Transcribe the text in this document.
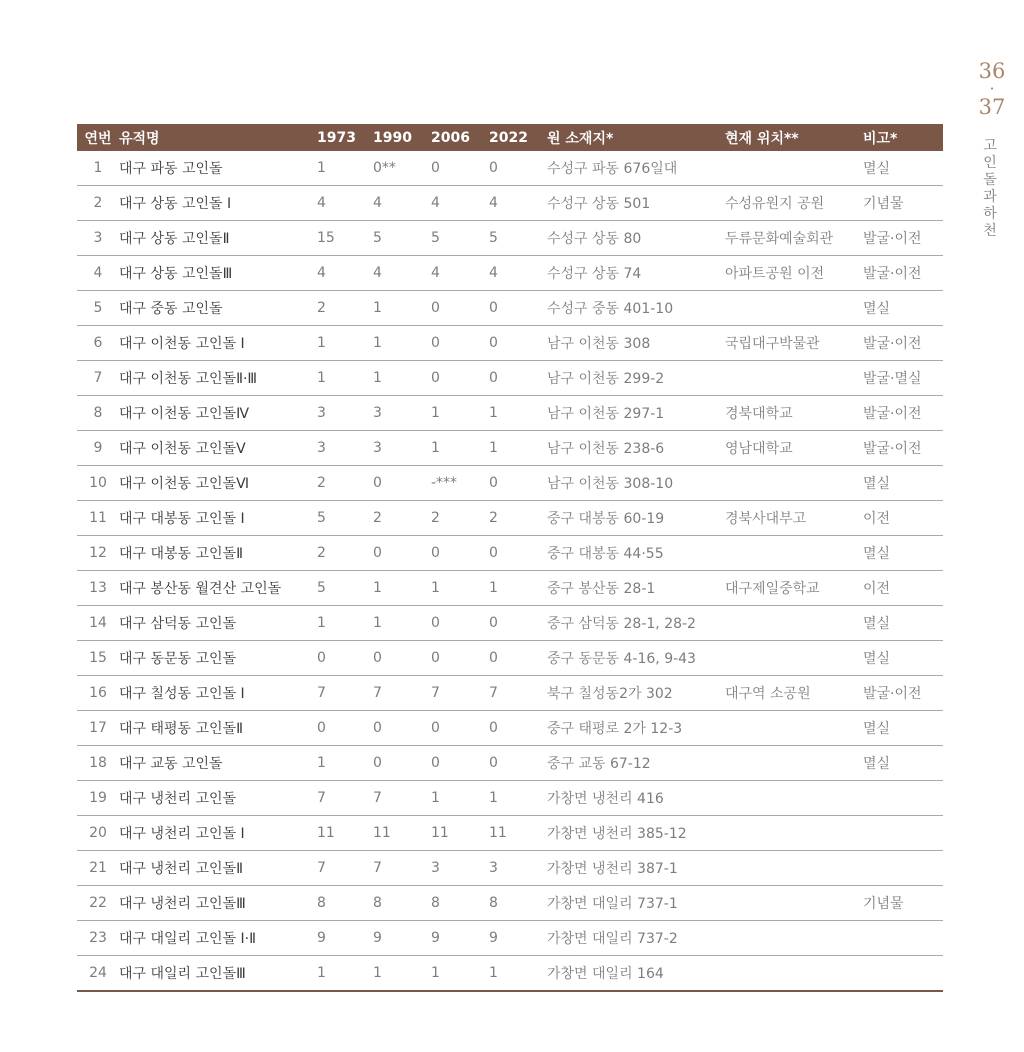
36
·
37
고
인
돌
과
하
천
연번	유적명	1973	1990	2006	2022	원 소재지*	현재 위치**	비고*
1	대구 파동 고인돌	1	0**	0	0	수성구 파동 676일대		멸실
2	대구 상동 고인돌 Ⅰ	4	4	4	4	수성구 상동 501	수성유원지 공원	기념물
3	대구 상동 고인돌Ⅱ	15	5	5	5	수성구 상동 80	두류문화예술회관	발굴·이전
4	대구 상동 고인돌Ⅲ	4	4	4	4	수성구 상동 74	아파트공원 이전	발굴·이전
5	대구 중동 고인돌	2	1	0	0	수성구 중동 401-10		멸실
6	대구 이천동 고인돌 Ⅰ	1	1	0	0	남구 이천동 308	국립대구박물관	발굴·이전
7	대구 이천동 고인돌Ⅱ·Ⅲ	1	1	0	0	남구 이천동 299-2		발굴·멸실
8	대구 이천동 고인돌Ⅳ	3	3	1	1	남구 이천동 297-1	경북대학교	발굴·이전
9	대구 이천동 고인돌Ⅴ	3	3	1	1	남구 이천동 238-6	영남대학교	발굴·이전
10	대구 이천동 고인돌Ⅵ	2	0	-***	0	남구 이천동 308-10		멸실
11	대구 대봉동 고인돌 Ⅰ	5	2	2	2	중구 대봉동 60-19	경북사대부고	이전
12	대구 대봉동 고인돌Ⅱ	2	0	0	0	중구 대봉동 44·55		멸실
13	대구 봉산동 월견산 고인돌	5	1	1	1	중구 봉산동 28-1	대구제일중학교	이전
14	대구 삼덕동 고인돌	1	1	0	0	중구 삼덕동 28-1, 28-2		멸실
15	대구 동문동 고인돌	0	0	0	0	중구 동문동 4-16, 9-43		멸실
16	대구 칠성동 고인돌 Ⅰ	7	7	7	7	북구 칠성동2가 302	대구역 소공원	발굴·이전
17	대구 태평동 고인돌Ⅱ	0	0	0	0	중구 태평로 2가 12-3		멸실
18	대구 교동 고인돌	1	0	0	0	중구 교동 67-12		멸실
19	대구 냉천리 고인돌	7	7	1	1	가창면 냉천리 416		
20	대구 냉천리 고인돌 Ⅰ	11	11	11	11	가창면 냉천리 385-12		
21	대구 냉천리 고인돌Ⅱ	7	7	3	3	가창면 냉천리 387-1		
22	대구 냉천리 고인돌Ⅲ	8	8	8	8	가창면 대일리 737-1		기념물
23	대구 대일리 고인돌 Ⅰ·Ⅱ	9	9	9	9	가창면 대일리 737-2		
24	대구 대일리 고인돌Ⅲ	1	1	1	1	가창면 대일리 164		
